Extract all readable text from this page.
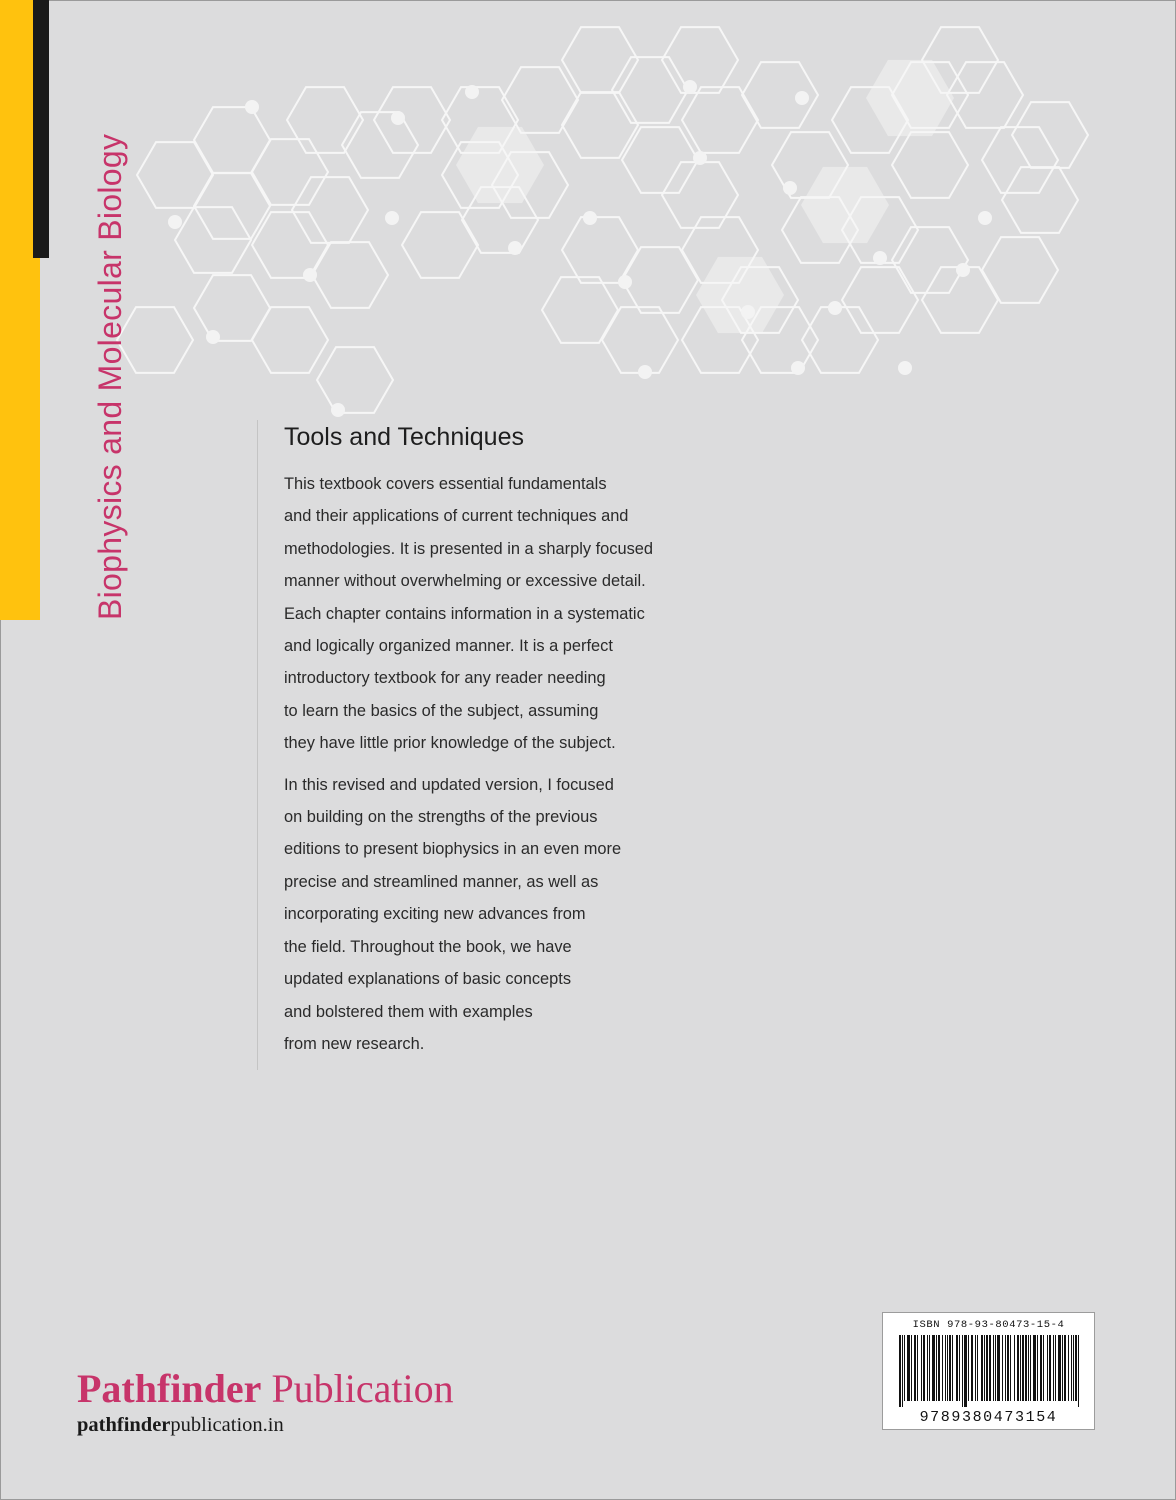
Biophysics and Molecular Biology	Tools and Techniques

This textbook covers essential fundamentals
and their applications of current techniques and
methodologies. It is presented in a sharply focused
manner without overwhelming or excessive detail.
Each chapter contains information in a systematic
and logically organized manner. It is a perfect
introductory textbook for any reader needing
to learn the basics of the subject, assuming
they have little prior knowledge of the subject.

In this revised and updated version, I focused
on building on the strengths of the previous
editions to present biophysics in an even more
precise and streamlined manner, as well as
incorporating exciting new advances from
the field. Throughout the book, we have
updated explanations of basic concepts
and bolstered them with examples
from new research.

Pathfinder Publication
pathfinderpublication.in
ISBN 978-93-80473-15-4
9789380473154
